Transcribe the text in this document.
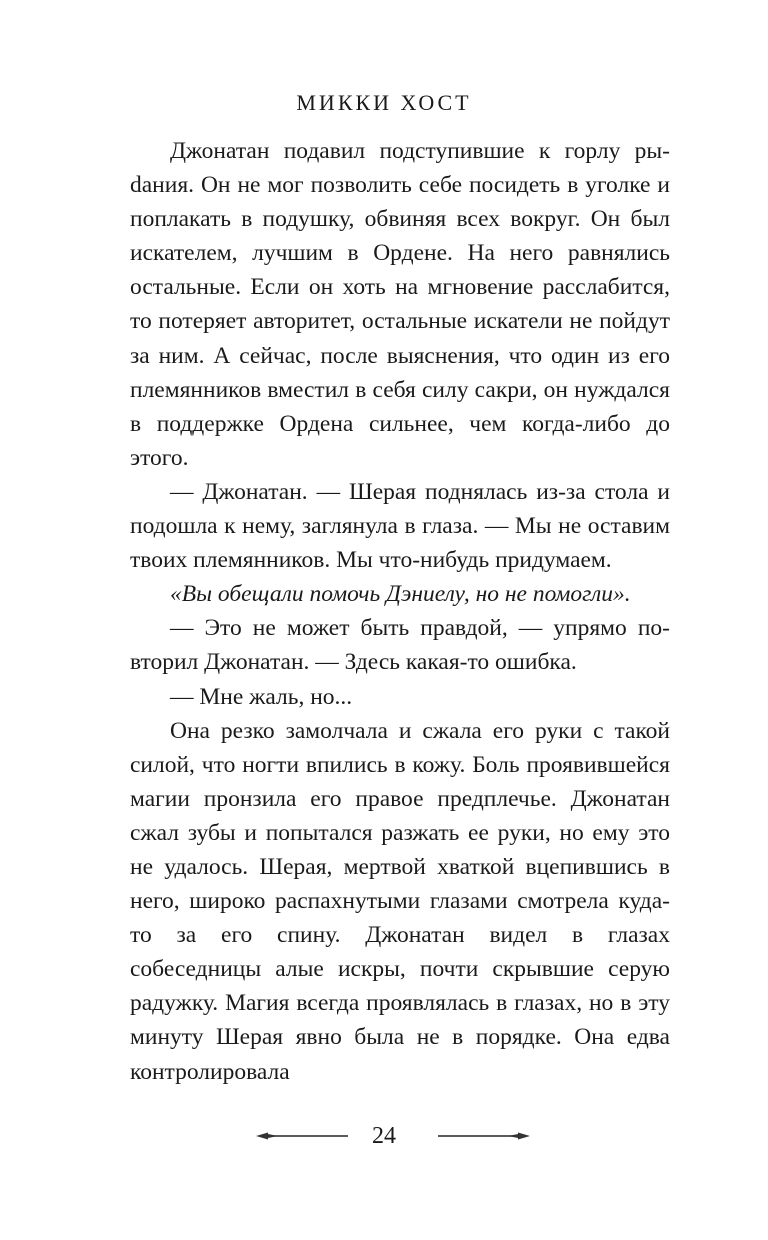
МИККИ ХОСТ

Джонатан подавил подступившие к горлу рыdания. Он не мог позволить себе посидеть в уголке и поплакать в подушку, обвиняя всех вокруг. Он был искателем, лучшим в Ордене. На него равнялись остальные. Если он хоть на мгновение расслабится, то потеряет авторитет, остальные искатели не пойдут за ним. А сейчас, после выяснения, что один из его племянников вместил в себя силу сакри, он нуждался в поддержке Ордена сильнее, чем когда-либо до этого.

— Джонатан. — Шерая поднялась из-за стола и подошла к нему, заглянула в глаза. — Мы не оставим твоих племянников. Мы что-нибудь придумаем.

«Вы обещали помочь Дэниелу, но не помогли».

— Это не может быть правдой, — упрямо повторил Джонатан. — Здесь какая-то ошибка.

— Мне жаль, но...

Она резко замолчала и сжала его руки с такой силой, что ногти впились в кожу. Боль проявившейся магии пронзила его правое предплечье. Джонатан сжал зубы и попытался разжать ее руки, но ему это не удалось. Шерая, мертвой хваткой вцепившись в него, широко распахнутыми глазами смотрела куда-то за его спину. Джонатан видел в глазах собеседницы алые искры, почти скрывшие серую радужку. Магия всегда проявлялась в глазах, но в эту минуту Шерая явно была не в порядке. Она едва контролировала

24
